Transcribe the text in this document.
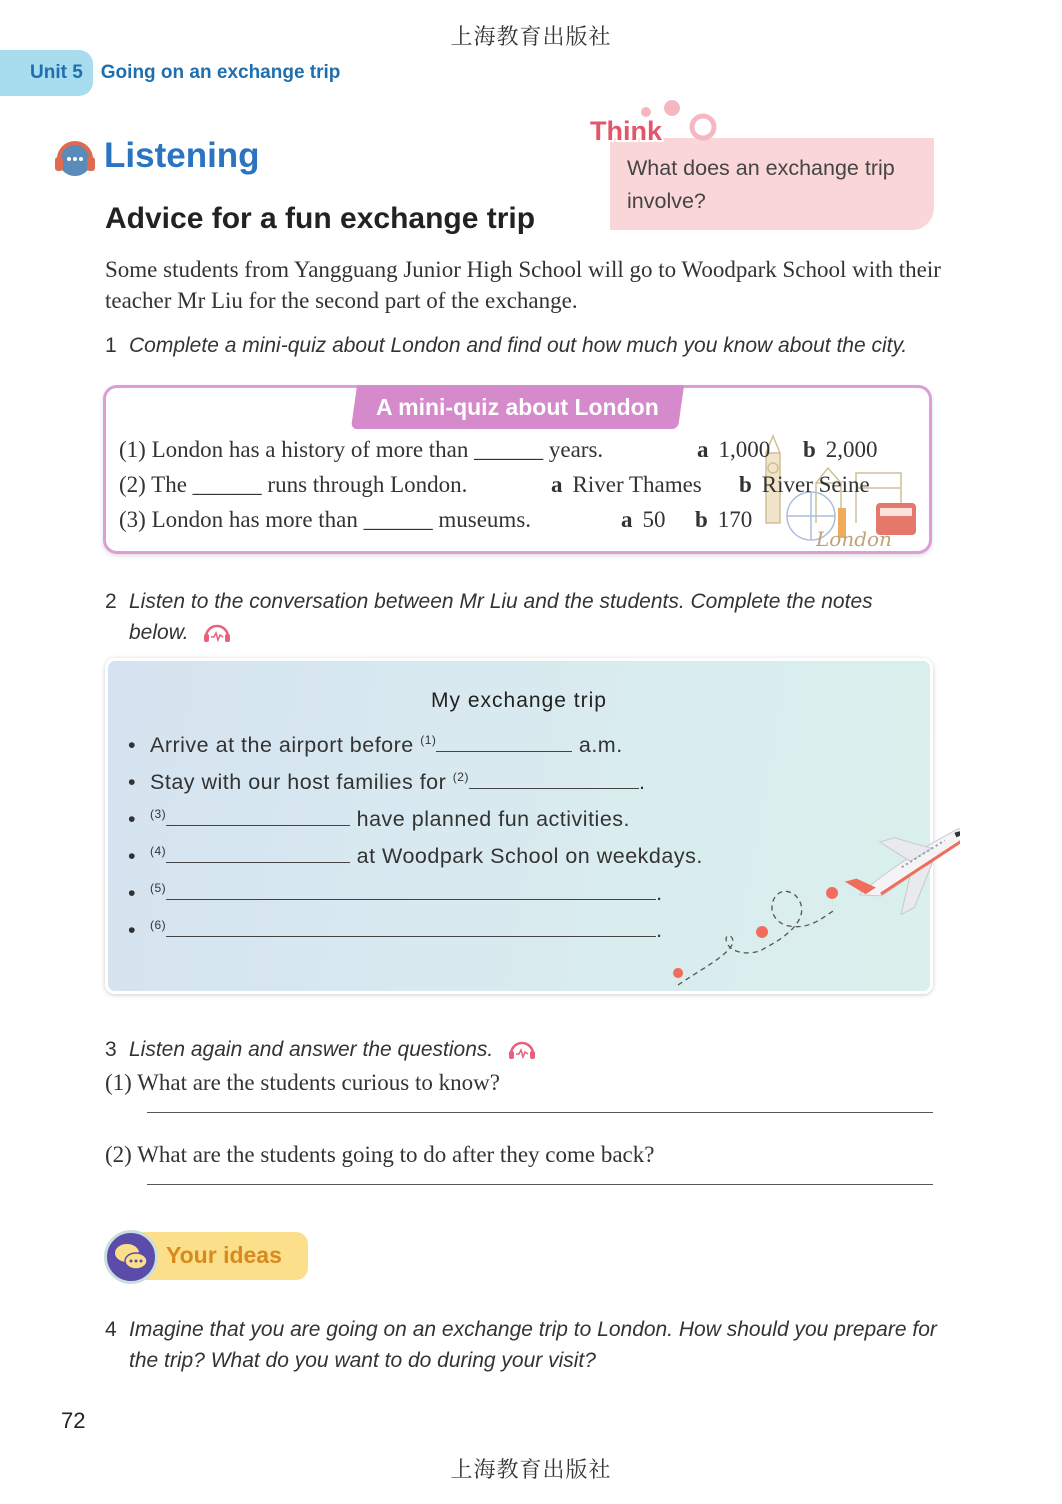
上海教育出版社
Unit 5 Going on an exchange trip
Listening
Advice for a fun exchange trip
What does an exchange trip involve?
Think
Some students from Yangguang Junior High School will go to Woodpark School with their teacher Mr Liu for the second part of the exchange.
1 Complete a mini-quiz about London and find out how much you know about the city.
A mini-quiz about London
London
(1) London has a history of more than ______ years.	a 1,000 b 2,000
(2) The ______ runs through London.	a River Thames b River Seine
(3) London has more than ______ museums.	a 50 b 170
2 Listen to the conversation between Mr Liu and the students. Complete the notes
below.
My exchange trip
• Arrive at the airport before $^{(1)}$	a.m.
• Stay with our host families for $^{(2)}$	.
• $^{(3)}$	have planned fun activities.
• $^{(4)}$	at Woodpark School on weekdays.
• $^{(5)}$	.
• $^{(6)}$	.
3 Listen again and answer the questions.
(1) What are the students curious to know?
(2) What are the students going to do after they come back?
Your ideas
4 Imagine that you are going on an exchange trip to London. How should you prepare for
the trip? What do you want to do during your visit?
72
上海教育出版社
